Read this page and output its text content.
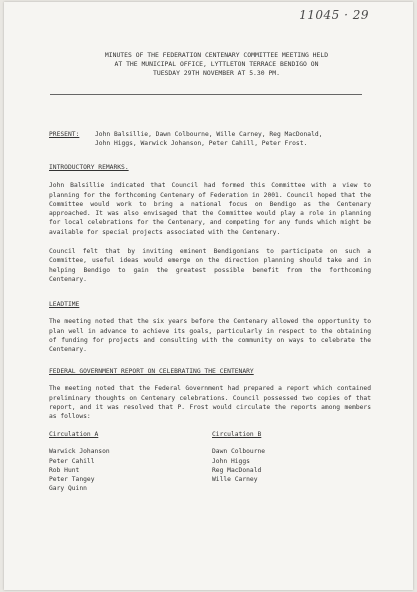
11045 · 29
MINUTES OF THE FEDERATION CENTENARY COMMITTEE MEETING HELD
AT THE MUNICIPAL OFFICE, LYTTLETON TERRACE BENDIGO ON
TUESDAY 29TH NOVEMBER AT 5.30 PM.
PRESENT:	John Balsillie, Dawn Colbourne, Wille Carney, Reg MacDonald,
John Higgs, Warwick Johanson, Peter Cahill, Peter Frost.
INTRODUCTORY REMARKS.

John Balsillie indicated that Council had formed this Committee with a view to planning for the forthcoming Centenary of Federation in 2001. Council hoped that the Committee would work to bring a national focus on Bendigo as the Centenary approached. It was also envisaged that the Committee would play a role in planning for local celebrations for the Centenary, and competing for any funds which might be available for special projects associated with the Centenary.

Council felt that by inviting eminent Bendigonians to participate on such a Committee, useful ideas would emerge on the direction planning should take and in helping Bendigo to gain the greatest possible benefit from the forthcoming Centenary.

LEADTIME

The meeting noted that the six years before the Centenary allowed the opportunity to plan well in advance to achieve its goals, particularly in respect to the obtaining of funding for projects and consulting with the community on ways to celebrate the Centenary.

FEDERAL GOVERNMENT REPORT ON CELEBRATING THE CENTENARY

The meeting noted that the Federal Government had prepared a report which contained preliminary thoughts on Centenary celebrations. Council possessed two copies of that report, and it was resolved that P. Frost would circulate the reports among members as follows:

Circulation A
Warwick Johanson
Peter Cahill
Rob Hunt
Peter Tangey
Gary Quinn
Circulation B
Dawn Colbourne
John Higgs
Reg MacDonald
Wille Carney
